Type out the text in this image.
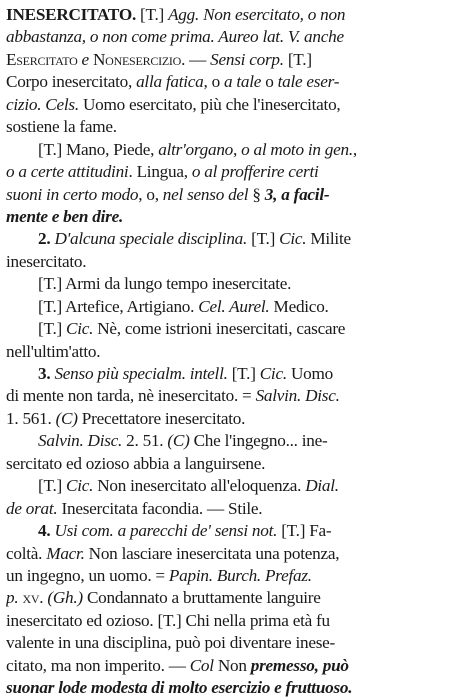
INESERCITATO. [T.] Agg. Non esercitato, o non
abbastanza, o non come prima. Aureo lat. V. anche
Esercitato e Nonesercizio. — Sensi corp. [T.]
Corpo inesercitato, alla fatica, o a tale o tale eser-
cizio. Cels. Uomo esercitato, più che l'inesercitato,
sostiene la fame.
[T.] Mano, Piede, altr'organo, o al moto in gen.,
o a certe attitudini. Lingua, o al profferire certi
suoni in certo modo, o, nel senso del § 3, a facil-
mente e ben dire.
2. D'alcuna speciale disciplina. [T.] Cic. Milite
inesercitato.
[T.] Armi da lungo tempo inesercitate.
[T.] Artefice, Artigiano. Cel. Aurel. Medico.
[T.] Cic. Nè, come istrioni inesercitati, cascare
nell'ultim'atto.
3. Senso più specialm. intell. [T.] Cic. Uomo
di mente non tarda, nè inesercitato. = Salvin. Disc.
1. 561. (C) Precettatore inesercitato.
Salvin. Disc. 2. 51. (C) Che l'ingegno... ine-
sercitato ed ozioso abbia a languirsene.
[T.] Cic. Non inesercitato all'eloquenza. Dial.
de orat. Inesercitata facondia. — Stile.
4. Usi com. a parecchi de' sensi not. [T.] Fa-
coltà. Macr. Non lasciare inesercitata una potenza,
un ingegno, un uomo. = Papin. Burch. Prefaz.
p. xv. (Gh.) Condannato a bruttamente languire
inesercitato ed ozioso. [T.] Chi nella prima età fu
valente in una disciplina, può poi diventare inese-
citato, ma non imperito. — Col Non premesso, può
suonar lode modesta di molto esercizio e fruttuoso.
